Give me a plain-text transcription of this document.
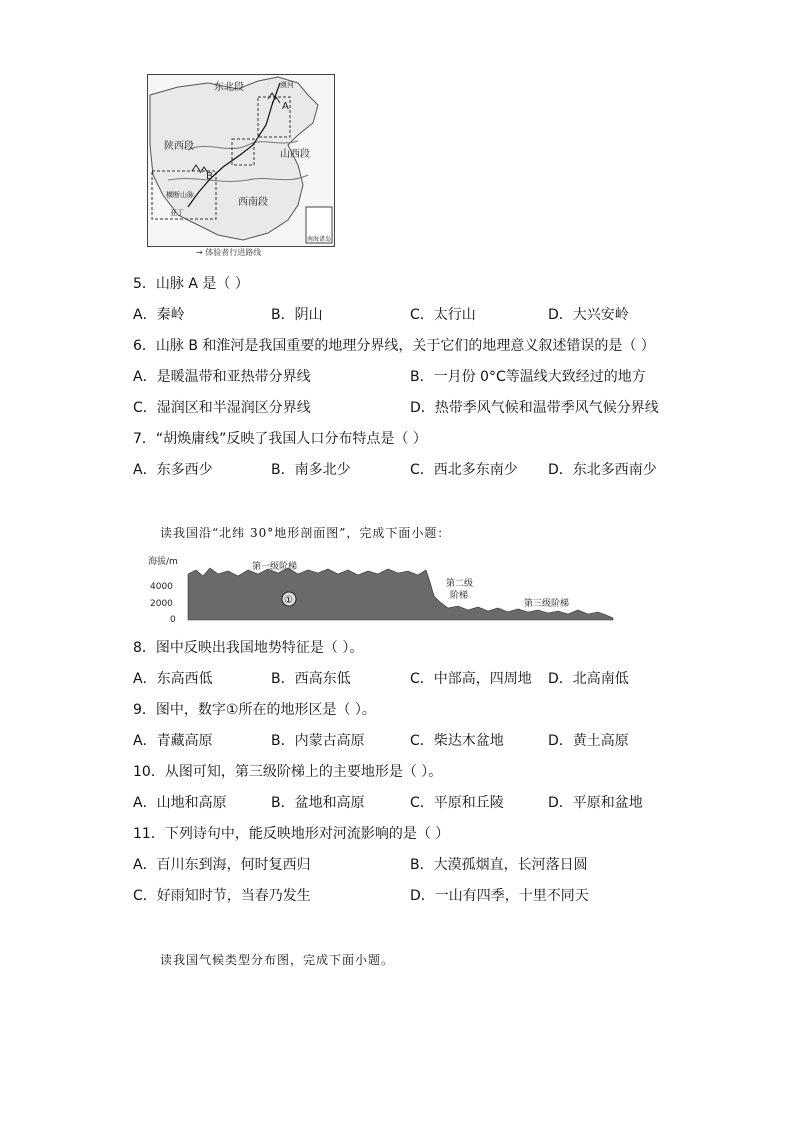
东北段	漠河
A
陕西段
山西段
B
横断山脉
亚丁
西南段
南海诸岛
→ 体验者行进路线
5．山脉 A 是（ ）
A．秦岭	B．阴山	C．太行山	D．大兴安岭
6．山脉 B 和淮河是我国重要的地理分界线，关于它们的地理意义叙述错误的是（ ）
A．是暖温带和亚热带分界线	B．一月份 0°C等温线大致经过的地方
C．湿润区和半湿润区分界线	D．热带季风气候和温带季风气候分界线
7．“胡焕庸线”反映了我国人口分布特点是（ ）
A．东多西少	B．南多北少	C．西北多东南少 D．东北多西南少
读我国沿“北纬 30°地形剖面图”，完成下面小题：
海拔/m
4000
2000
0
第一级阶梯
①
第二级
阶梯
第三级阶梯
8．图中反映出我国地势特征是（ ）。
A．东高西低	B．西高东低	C．中部高，四周地 D．北高南低
9．图中，数字①所在的地形区是（ ）。
A．青藏高原	B．内蒙古高原	C．柴达木盆地	D．黄土高原
10．从图可知，第三级阶梯上的主要地形是（ ）。
A．山地和高原	B．盆地和高原	C．平原和丘陵	D．平原和盆地
11．下列诗句中，能反映地形对河流影响的是（ ）
A．百川东到海，何时复西归	B．大漠孤烟直，长河落日圆
C．好雨知时节，当春乃发生	D．一山有四季，十里不同天
读我国气候类型分布图，完成下面小题。
